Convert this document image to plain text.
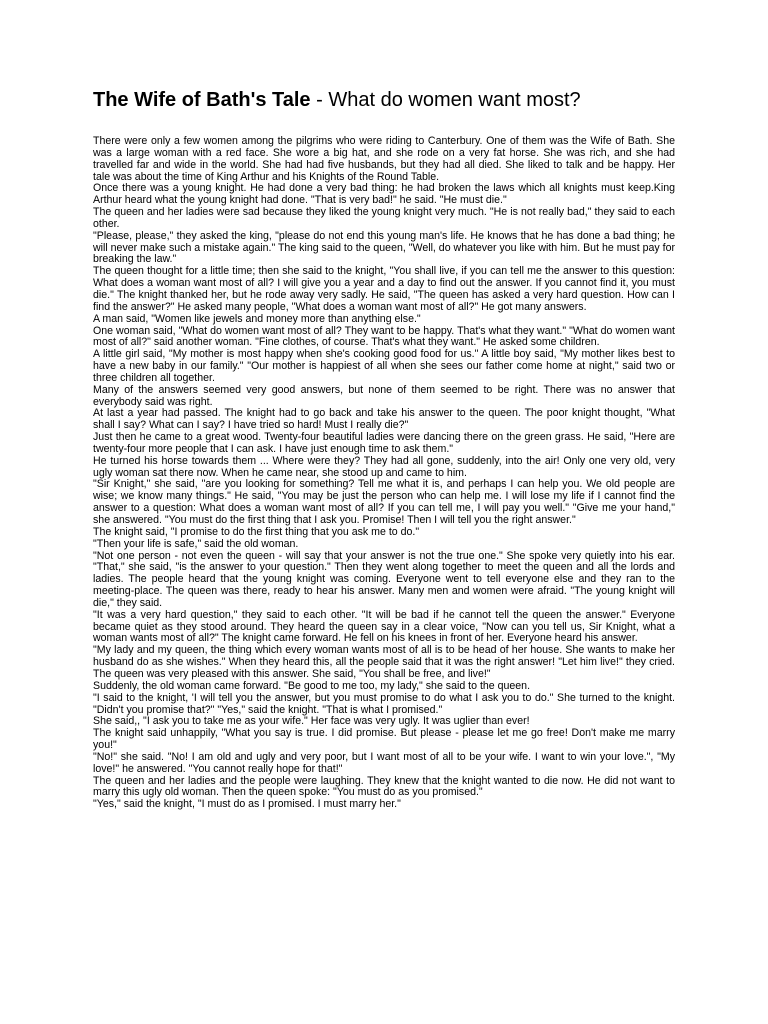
The Wife of Bath's Tale - What do women want most?

There were only a few women among the pilgrims who were riding to Canterbury. One of them was the Wife of Bath. She was a large woman with a red face. She wore a big hat, and she rode on a very fat horse. She was rich, and she had travelled far and wide in the world. She had had five husbands, but they had all died. She liked to talk and be happy. Her tale was about the time of King Arthur and his Knights of the Round Table.

Once there was a young knight. He had done a very bad thing: he had broken the laws which all knights must keep.King Arthur heard what the young knight had done. "That is very bad!" he said. "He must die."

The queen and her ladies were sad because they liked the young knight very much. "He is not really bad," they said to each other.

"Please, please," they asked the king, "please do not end this young man's life. He knows that he has done a bad thing; he will never make such a mistake again." The king said to the queen, "Well, do whatever you like with him. But he must pay for breaking the law."

The queen thought for a little time; then she said to the knight, "You shall live, if you can tell me the answer to this question: What does a woman want most of all? I will give you a year and a day to find out the answer. If you cannot find it, you must die." The knight thanked her, but he rode away very sadly. He said, "The queen has asked a very hard question. How can I find the answer?" He asked many people, "What does a woman want most of all?" He got many answers.

A man said, "Women like jewels and money more than anything else."

One woman said, "What do women want most of all? They want to be happy. That's what they want." "What do women want most of all?" said another woman. "Fine clothes, of course. That's what they want." He asked some children.

A little girl said, "My mother is most happy when she's cooking good food for us." A little boy said, "My mother likes best to have a new baby in our family." "Our mother is happiest of all when she sees our father come home at night," said two or three children all together.

Many of the answers seemed very good answers, but none of them seemed to be right. There was no answer that everybody said was right.

At last a year had passed. The knight had to go back and take his answer to the queen. The poor knight thought, "What shall I say? What can I say? I have tried so hard! Must I really die?"

Just then he came to a great wood. Twenty-four beautiful ladies were dancing there on the green grass. He said, "Here are twenty-four more people that I can ask. I have just enough time to ask them."

He turned his horse towards them ... Where were they? They had all gone, suddenly, into the air! Only one very old, very ugly woman sat there now. When he came near, she stood up and came to him.

"Sir Knight," she said, "are you looking for something? Tell me what it is, and perhaps I can help you. We old people are wise; we know many things." He said, "You may be just the person who can help me. I will lose my life if I cannot find the answer to a question: What does a woman want most of all? If you can tell me, I will pay you well." "Give me your hand," she answered. "You must do the first thing that I ask you. Promise! Then I will tell you the right answer."

The knight said, "I promise to do the first thing that you ask me to do."

"Then your life is safe," said the old woman.

"Not one person - not even the queen - will say that your answer is not the true one." She spoke very quietly into his ear. "That," she said, "is the answer to your question." Then they went along together to meet the queen and all the lords and ladies. The people heard that the young knight was coming. Everyone went to tell everyone else and they ran to the meeting-place. The queen was there, ready to hear his answer. Many men and women were afraid. "The young knight will die," they said.

"It was a very hard question," they said to each other. "It will be bad if he cannot tell the queen the answer." Everyone became quiet as they stood around. They heard the queen say in a clear voice, "Now can you tell us, Sir Knight, what a woman wants most of all?" The knight came forward. He fell on his knees in front of her. Everyone heard his answer.

"My lady and my queen, the thing which every woman wants most of all is to be head of her house. She wants to make her husband do as she wishes." When they heard this, all the people said that it was the right answer! "Let him live!" they cried. The queen was very pleased with this answer. She said, "You shall be free, and live!"

Suddenly, the old woman came forward. "Be good to me too, my lady," she said to the queen.

"I said to the knight, 'I will tell you the answer, but you must promise to do what I ask you to do." She turned to the knight. "Didn't you promise that?" "Yes," said the knight. "That is what I promised."

She said,, "I ask you to take me as your wife." Her face was very ugly. It was uglier than ever!

The knight said unhappily, "What you say is true. I did promise. But please - please let me go free! Don't make me marry you!"

"No!" she said. "No! I am old and ugly and very poor, but I want most of all to be your wife. I want to win your love.", "My love!" he answered. "You cannot really hope for that!"

The queen and her ladies and the people were laughing. They knew that the knight wanted to die now. He did not want to marry this ugly old woman. Then the queen spoke: "You must do as you promised."

"Yes," said the knight, "I must do as I promised. I must marry her."
